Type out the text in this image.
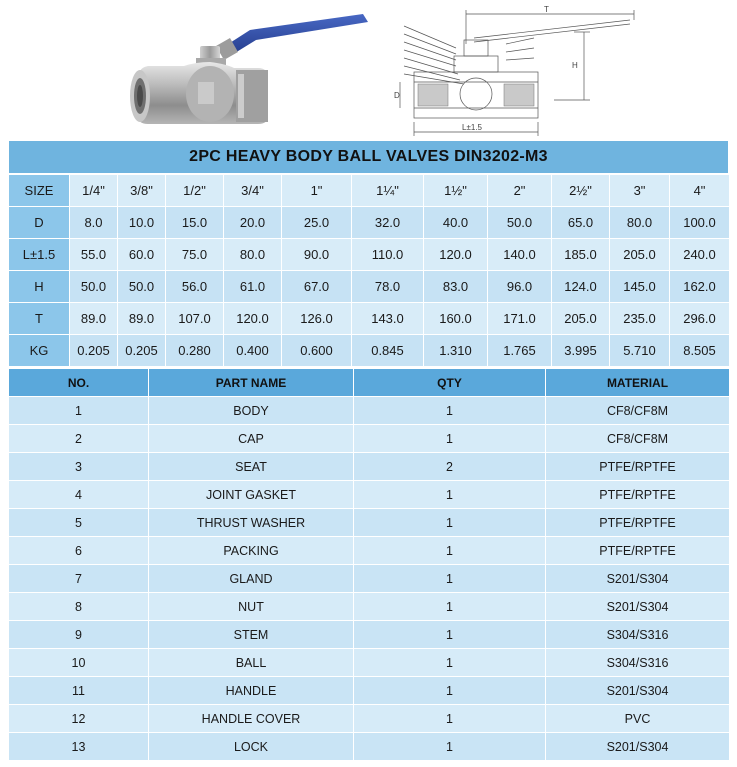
T
H
D
L±1.5
2PC HEAVY BODY BALL VALVES DIN3202-M3
SIZE	1/4"	3/8"	1/2"	3/4"	1"	1¼"	1½"	2"	2½"	3"	4"
D	8.0	10.0	15.0	20.0	25.0	32.0	40.0	50.0	65.0	80.0	100.0
L±1.5	55.0	60.0	75.0	80.0	90.0	110.0	120.0	140.0	185.0	205.0	240.0
H	50.0	50.0	56.0	61.0	67.0	78.0	83.0	96.0	124.0	145.0	162.0
T	89.0	89.0	107.0	120.0	126.0	143.0	160.0	171.0	205.0	235.0	296.0
KG	0.205	0.205	0.280	0.400	0.600	0.845	1.310	1.765	3.995	5.710	8.505
NO.	PART NAME	QTY	MATERIAL
1	BODY	1	CF8/CF8M
2	CAP	1	CF8/CF8M
3	SEAT	2	PTFE/RPTFE
4	JOINT GASKET	1	PTFE/RPTFE
5	THRUST WASHER	1	PTFE/RPTFE
6	PACKING	1	PTFE/RPTFE
7	GLAND	1	S201/S304
8	NUT	1	S201/S304
9	STEM	1	S304/S316
10	BALL	1	S304/S316
11	HANDLE	1	S201/S304
12	HANDLE COVER	1	PVC
13	LOCK	1	S201/S304
